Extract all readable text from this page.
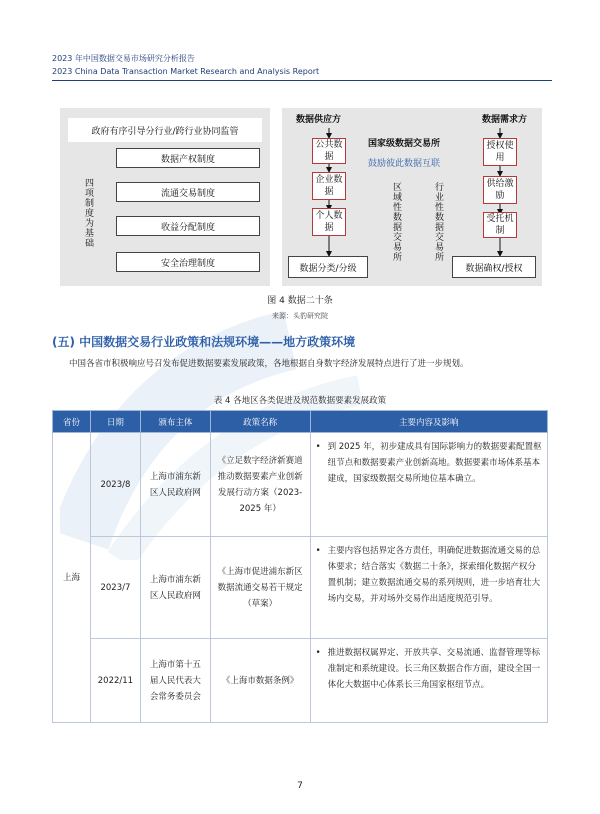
2023 年中国数据交易市场研究分析报告
2023 China Data Transaction Market Research and Analysis Report
政府有序引导分行业/跨行业协同监管
四项制度为基础
数据产权制度
流通交易制度
收益分配制度
安全治理制度
数据供应方	数据需求方
国家级数据交易所
鼓励彼此数据互联
公共数据
企业数据
个人数据
授权使用
供给激励
受托机制
区域性数据交易所	行业性数据交易所
数据分类/分级	数据确权/授权
图 4 数据二十条
来源：头豹研究院
(五) 中国数据交易行业政策和法规环境——地方政策环境
中国各省市积极响应号召发布促进数据要素发展政策，各地根据自身数字经济发展特点进行了进一步规划。
表 4 各地区各类促进及规范数据要素发展政策
省份	日期	颁布主体	政策名称	主要内容及影响
上海	2023/8	上海市浦东新区人民政府网	《立足数字经济新赛道推动数据要素产业创新发展行动方案（2023-2025 年）	• 到 2025 年，初步建成具有国际影响力的数据要素配置枢纽节点和数据要素产业创新高地。数据要素市场体系基本建成，国家级数据交易所地位基本确立。

	2023/7	上海市浦东新区人民政府网	《上海市促进浦东新区数据流通交易若干规定（草案）	• 主要内容包括界定各方责任，明确促进数据流通交易的总体要求；结合落实《数据二十条》，探索细化数据产权分置机制；建立数据流通交易的系列规则，进一步培育壮大场内交易，并对场外交易作出适度规范引导。

	2022/11	上海市第十五届人民代表大会常务委员会	《上海市数据条例》	• 推进数据权属界定、开放共享、交易流通、监督管理等标准制定和系统建设。长三角区数据合作方面，建设全国一体化大数据中心体系长三角国家枢纽节点。
7
